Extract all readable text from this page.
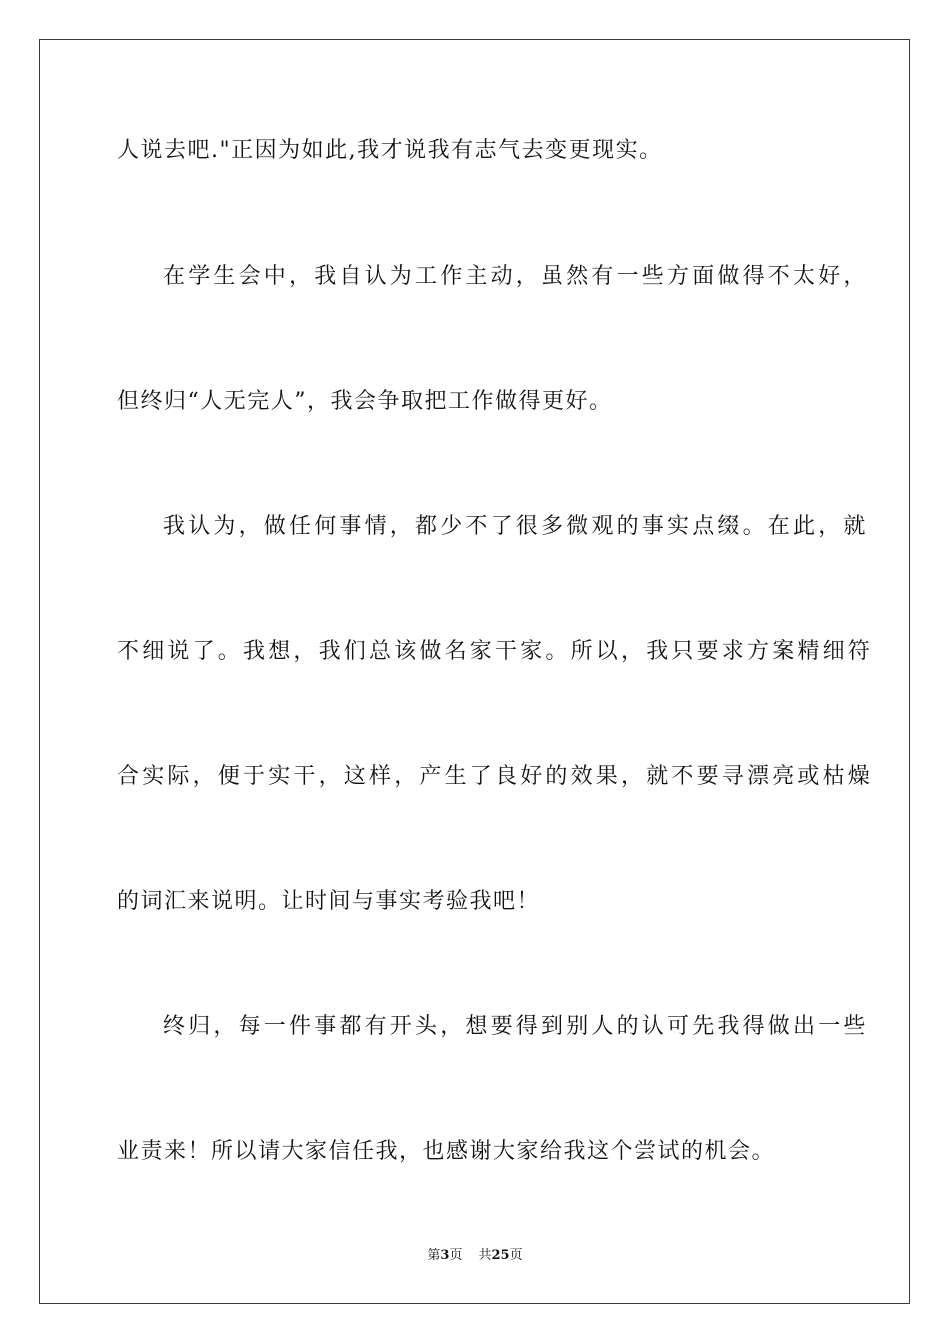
人说去吧."正因为如此,我才说我有志气去变更现实。
在学生会中，我自认为工作主动，虽然有一些方面做得不太好，
但终归“人无完人”，我会争取把工作做得更好。
我认为，做任何事情，都少不了很多微观的事实点缀。在此，就
不细说了。我想，我们总该做名家干家。所以，我只要求方案精细符
合实际，便于实干，这样，产生了良好的效果，就不要寻漂亮或枯燥
的词汇来说明。让时间与事实考验我吧！
终归，每一件事都有开头，想要得到别人的认可先我得做出一些
业责来！所以请大家信任我，也感谢大家给我这个尝试的机会。
第3页 共25页
